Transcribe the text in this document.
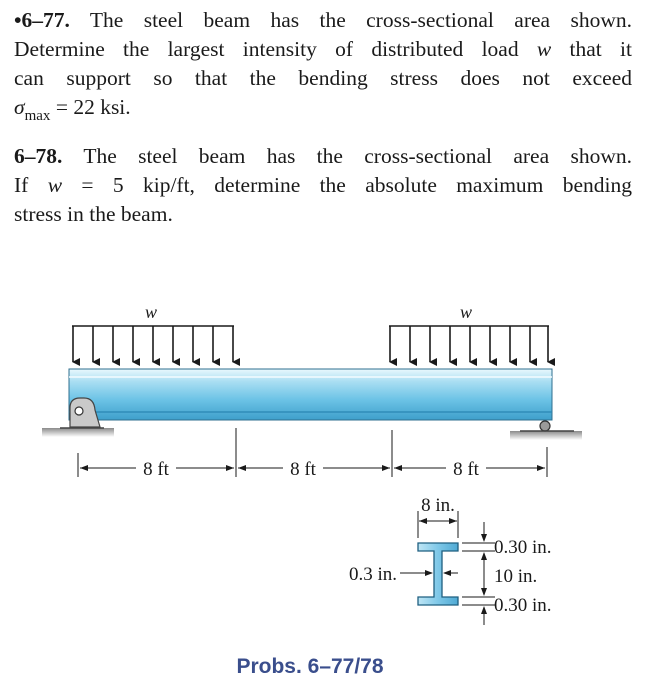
•6–77. The steel beam has the cross-sectional area shown.
Determine the largest intensity of distributed load w that it
can support so that the bending stress does not exceed
$\sigma_{max} = 22$ ksi.
6–78. The steel beam has the cross-sectional area shown.
If w = 5 kip/ft, determine the absolute maximum bending
stress in the beam.
w	w
8 ft	8 ft	8 ft
8 in.
0.3 in.
0.30 in.
10 in.
0.30 in.
Probs. 6–77/78
